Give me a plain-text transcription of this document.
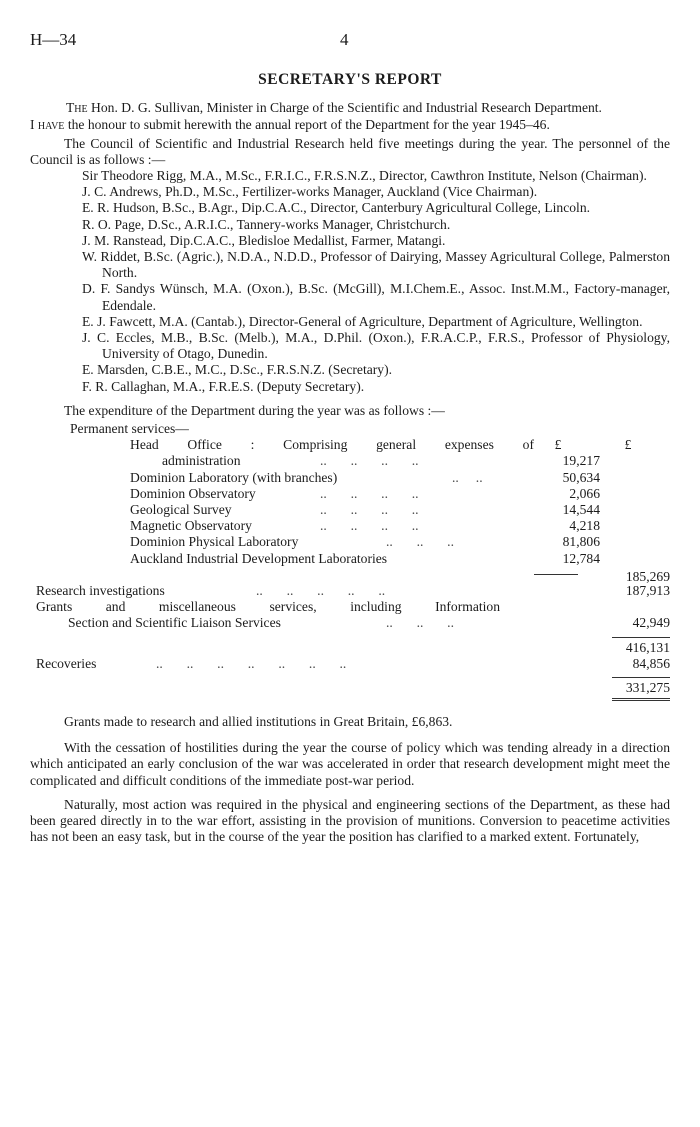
H—34	4
SECRETARY'S REPORT

The Hon. D. G. Sullivan, Minister in Charge of the Scientific and Industrial Research Department.

I have the honour to submit herewith the annual report of the Department for the year 1945–46.

The Council of Scientific and Industrial Research held five meetings during the year. The personnel of the Council is as follows :—

Sir Theodore Rigg, M.A., M.Sc., F.R.I.C., F.R.S.N.Z., Director, Cawthron Institute, Nelson (Chairman).

J. C. Andrews, Ph.D., M.Sc., Fertilizer-works Manager, Auckland (Vice Chairman).

E. R. Hudson, B.Sc., B.Agr., Dip.C.A.C., Director, Canterbury Agricultural College, Lincoln.

R. O. Page, D.Sc., A.R.I.C., Tannery-works Manager, Christchurch.

J. M. Ranstead, Dip.C.A.C., Bledisloe Medallist, Farmer, Matangi.

W. Riddet, B.Sc. (Agric.), N.D.A., N.D.D., Professor of Dairying, Massey Agricultural College, Palmerston North.

D. F. Sandys Wünsch, M.A. (Oxon.), B.Sc. (McGill), M.I.Chem.E., Assoc. Inst.M.M., Factory-manager, Edendale.

E. J. Fawcett, M.A. (Cantab.), Director-General of Agriculture, Department of Agriculture, Wellington.

J. C. Eccles, M.B., B.Sc. (Melb.), M.A., D.Phil. (Oxon.), F.R.A.C.P., F.R.S., Professor of Physiology, University of Otago, Dunedin.

E. Marsden, C.B.E., M.C., D.Sc., F.R.S.N.Z. (Secretary).

F. R. Callaghan, M.A., F.R.E.S. (Deputy Secretary).

The expenditure of the Department during the year was as follows :—

Permanent services—
Head Office : Comprising general expenses of	£	£
administration	..       ..       ..       ..	19,217
Dominion Laboratory (with branches)	..     ..	50,634
Dominion Observatory	..       ..       ..       ..	2,066
Geological Survey	..       ..       ..       ..	14,544
Magnetic Observatory	..       ..       ..       ..	4,218
Dominion Physical Laboratory	..       ..       ..	81,806
Auckland Industrial Development Laboratories	12,784
185,269
Research investigations	..       ..       ..       ..       ..	187,913
Grants and miscellaneous services, including Information
Section and Scientific Liaison Services	..       ..       ..	42,949
416,131
Recoveries	..       ..       ..       ..       ..       ..       ..	84,856
331,275

Grants made to research and allied institutions in Great Britain, £6,863.

With the cessation of hostilities during the year the course of policy which was tending already in a direction which anticipated an early conclusion of the war was accelerated in order that research development might meet the complicated and difficult conditions of the immediate post-war period.

Naturally, most action was required in the physical and engineering sections of the Department, as these had been geared directly in to the war effort, assisting in the provision of munitions. Conversion to peacetime activities has not been an easy task, but in the course of the year the position has clarified to a marked extent. Fortunately,
